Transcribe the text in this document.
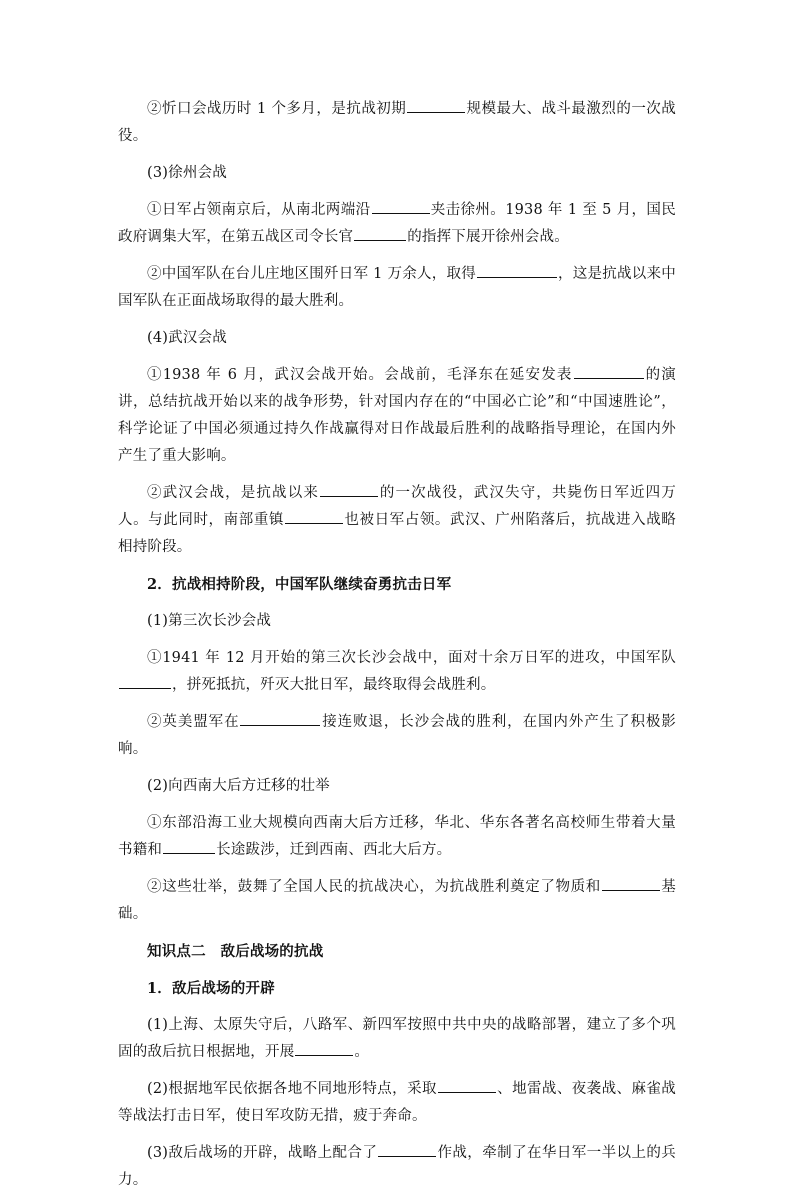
②忻口会战历时 1 个多月，是抗战初期	规模最大、战斗最激烈的一次战役。

(3)徐州会战

①日军占领南京后，从南北两端沿	夹击徐州。1938 年 1 至 5 月，国民政府调集大军，在第五战区司令长官	的指挥下展开徐州会战。

②中国军队在台儿庄地区围歼日军 1 万余人，取得	，这是抗战以来中国军队在正面战场取得的最大胜利。

(4)武汉会战

①1938 年 6 月，武汉会战开始。会战前，毛泽东在延安发表	的演讲，总结抗战开始以来的战争形势，针对国内存在的“中国必亡论”和“中国速胜论”，科学论证了中国必须通过持久作战赢得对日作战最后胜利的战略指导理论，在国内外产生了重大影响。

②武汉会战，是抗战以来	的一次战役，武汉失守，共毙伤日军近四万人。与此同时，南部重镇	也被日军占领。武汉、广州陷落后，抗战进入战略相持阶段。

2．抗战相持阶段，中国军队继续奋勇抗击日军

(1)第三次长沙会战

①1941 年 12 月开始的第三次长沙会战中，面对十余万日军的进攻，中国军队，拼死抵抗，歼灭大批日军，最终取得会战胜利。

②英美盟军在	接连败退，长沙会战的胜利，在国内外产生了积极影响。

(2)向西南大后方迁移的壮举

①东部沿海工业大规模向西南大后方迁移，华北、华东各著名高校师生带着大量书籍和	长途跋涉，迁到西南、西北大后方。

②这些壮举，鼓舞了全国人民的抗战决心，为抗战胜利奠定了物质和	基础。

知识点二　敌后战场的抗战

1．敌后战场的开辟

(1)上海、太原失守后，八路军、新四军按照中共中央的战略部署，建立了多个巩固的敌后抗日根据地，开展	。

(2)根据地军民依据各地不同地形特点，采取	、地雷战、夜袭战、麻雀战等战法打击日军，使日军攻防无措，疲于奔命。

(3)敌后战场的开辟，战略上配合了	作战，牵制了在华日军一半以上的兵力。
